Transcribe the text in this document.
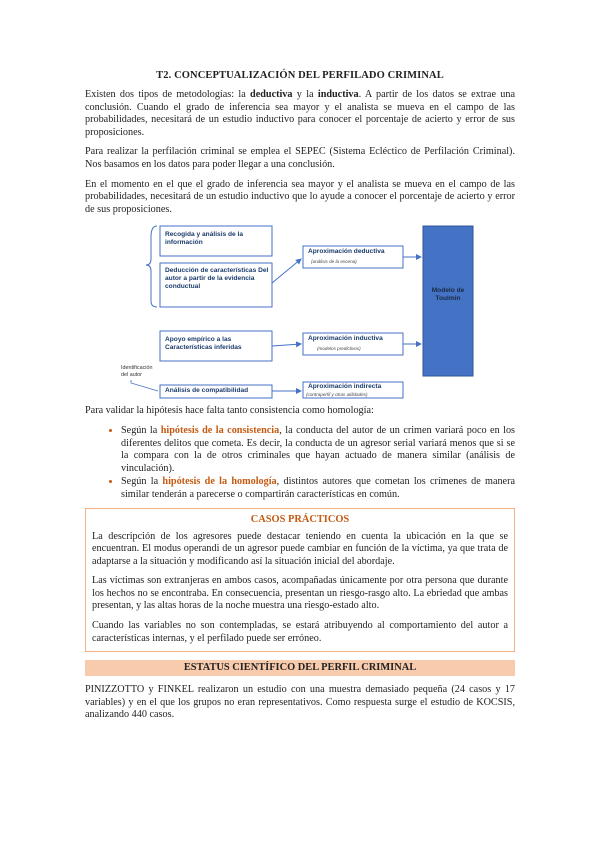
T2. CONCEPTUALIZACIÓN DEL PERFILADO CRIMINAL

Existen dos tipos de metodologías: la deductiva y la inductiva. A partir de los datos se extrae una conclusión. Cuando el grado de inferencia sea mayor y el analista se mueva en el campo de las probabilidades, necesitará de un estudio inductivo para conocer el porcentaje de acierto y error de sus proposiciones.

Para realizar la perfilación criminal se emplea el SEPEC (Sistema Ecléctico de Perfilación Criminal). Nos basamos en los datos para poder llegar a una conclusión.

En el momento en el que el grado de inferencia sea mayor y el analista se mueva en el campo de las probabilidades, necesitará de un estudio inductivo que lo ayude a conocer el porcentaje de acierto y error de sus proposiciones.

Recogida y análisis de la información
Deducción de características Del autor a partir de la evidencia conductual
Apoyo empírico a las Características inferidas
Análisis de compatibilidad
Identificación del autor
Aproximación deductiva
(análisis de la escena)
Aproximación inductiva
(modelos predictivos)
Aproximación indirecta
(contraperfil y otras utilidades)
Modelo de Toulmin

Para validar la hipótesis hace falta tanto consistencia como homología:

• Según la hipótesis de la consistencia, la conducta del autor de un crimen variará poco en los diferentes delitos que cometa. Es decir, la conducta de un agresor serial variará menos que si se la compara con la de otros criminales que hayan actuado de manera similar (análisis de vinculación).
• Según la hipótesis de la homología, distintos autores que cometan los crímenes de manera similar tenderán a parecerse o compartirán características en común.
CASOS PRÁCTICOS

La descripción de los agresores puede destacar teniendo en cuenta la ubicación en la que se encuentran. El modus operandi de un agresor puede cambiar en función de la víctima, ya que trata de adaptarse a la situación y modificando así la situación inicial del abordaje.

Las víctimas son extranjeras en ambos casos, acompañadas únicamente por otra persona que durante los hechos no se encontraba. En consecuencia, presentan un riesgo-rasgo alto. La ebriedad que ambas presentan, y las altas horas de la noche muestra una riesgo-estado alto.

Cuando las variables no son contempladas, se estará atribuyendo al comportamiento del autor a características internas, y el perfilado puede ser erróneo.

ESTATUS CIENTÍFICO DEL PERFIL CRIMINAL

PINIZZOTTO y FINKEL realizaron un estudio con una muestra demasiado pequeña (24 casos y 17 variables) y en el que los grupos no eran representativos. Como respuesta surge el estudio de KOCSIS, analizando 440 casos.
